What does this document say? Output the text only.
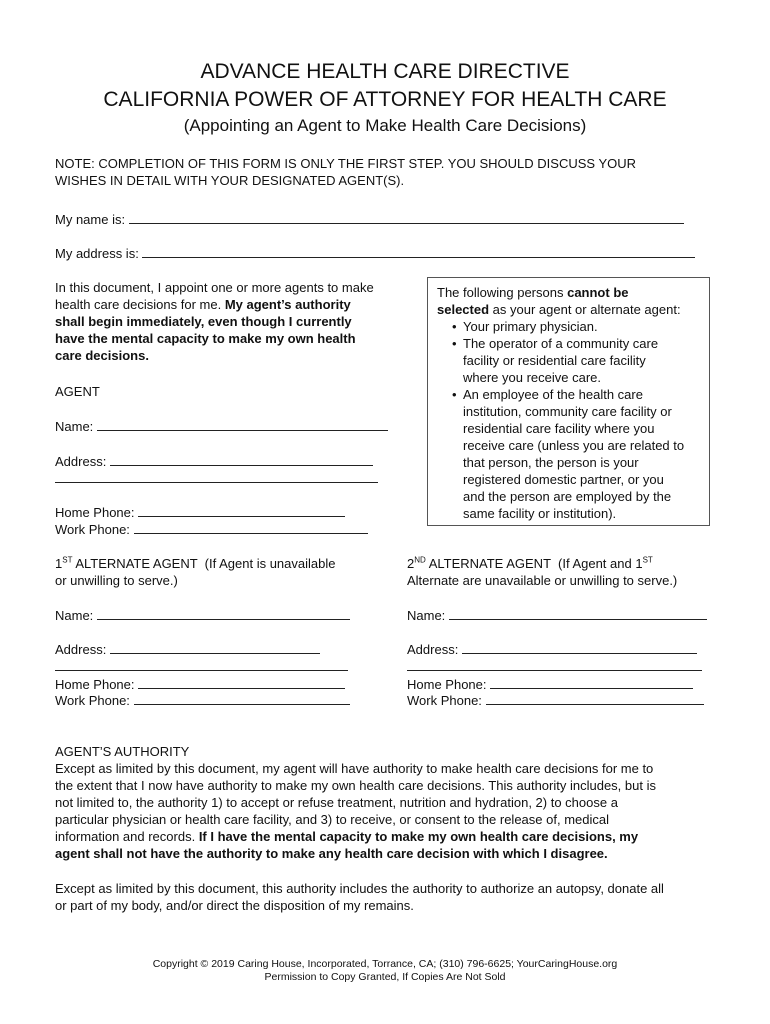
ADVANCE HEALTH CARE DIRECTIVE
CALIFORNIA POWER OF ATTORNEY FOR HEALTH CARE
(Appointing an Agent to Make Health Care Decisions)
NOTE: COMPLETION OF THIS FORM IS ONLY THE FIRST STEP. YOU SHOULD DISCUSS YOUR
WISHES IN DETAIL WITH YOUR DESIGNATED AGENT(S).
My name is:
My address is:
In this document, I appoint one or more agents to make
health care decisions for me. My agent’s authority
shall begin immediately, even though I currently
have the mental capacity to make my own health
care decisions.
The following persons cannot be
selected as your agent or alternate agent:
• Your primary physician.
• The operator of a community care
facility or residential care facility
where you receive care.
• An employee of the health care
institution, community care facility or
residential care facility where you
receive care (unless you are related to
that person, the person is your
registered domestic partner, or you
and the person are employed by the
same facility or institution).
AGENT
Name:
Address:
Home Phone:
Work Phone:
1ST ALTERNATE AGENT  (If Agent is unavailable
or unwilling to serve.)
Name:
Address:
Home Phone:
Work Phone:
2ND ALTERNATE AGENT  (If Agent and 1ST
Alternate are unavailable or unwilling to serve.)
Name:
Address:
Home Phone:
Work Phone:
AGENT’S AUTHORITY
Except as limited by this document, my agent will have authority to make health care decisions for me to
the extent that I now have authority to make my own health care decisions. This authority includes, but is
not limited to, the authority 1) to accept or refuse treatment, nutrition and hydration, 2) to choose a
particular physician or health care facility, and 3) to receive, or consent to the release of, medical
information and records. If I have the mental capacity to make my own health care decisions, my
agent shall not have the authority to make any health care decision with which I disagree.
Except as limited by this document, this authority includes the authority to authorize an autopsy, donate all
or part of my body, and/or direct the disposition of my remains.
Copyright © 2019 Caring House, Incorporated, Torrance, CA; (310) 796-6625; YourCaringHouse.org
Permission to Copy Granted, If Copies Are Not Sold
